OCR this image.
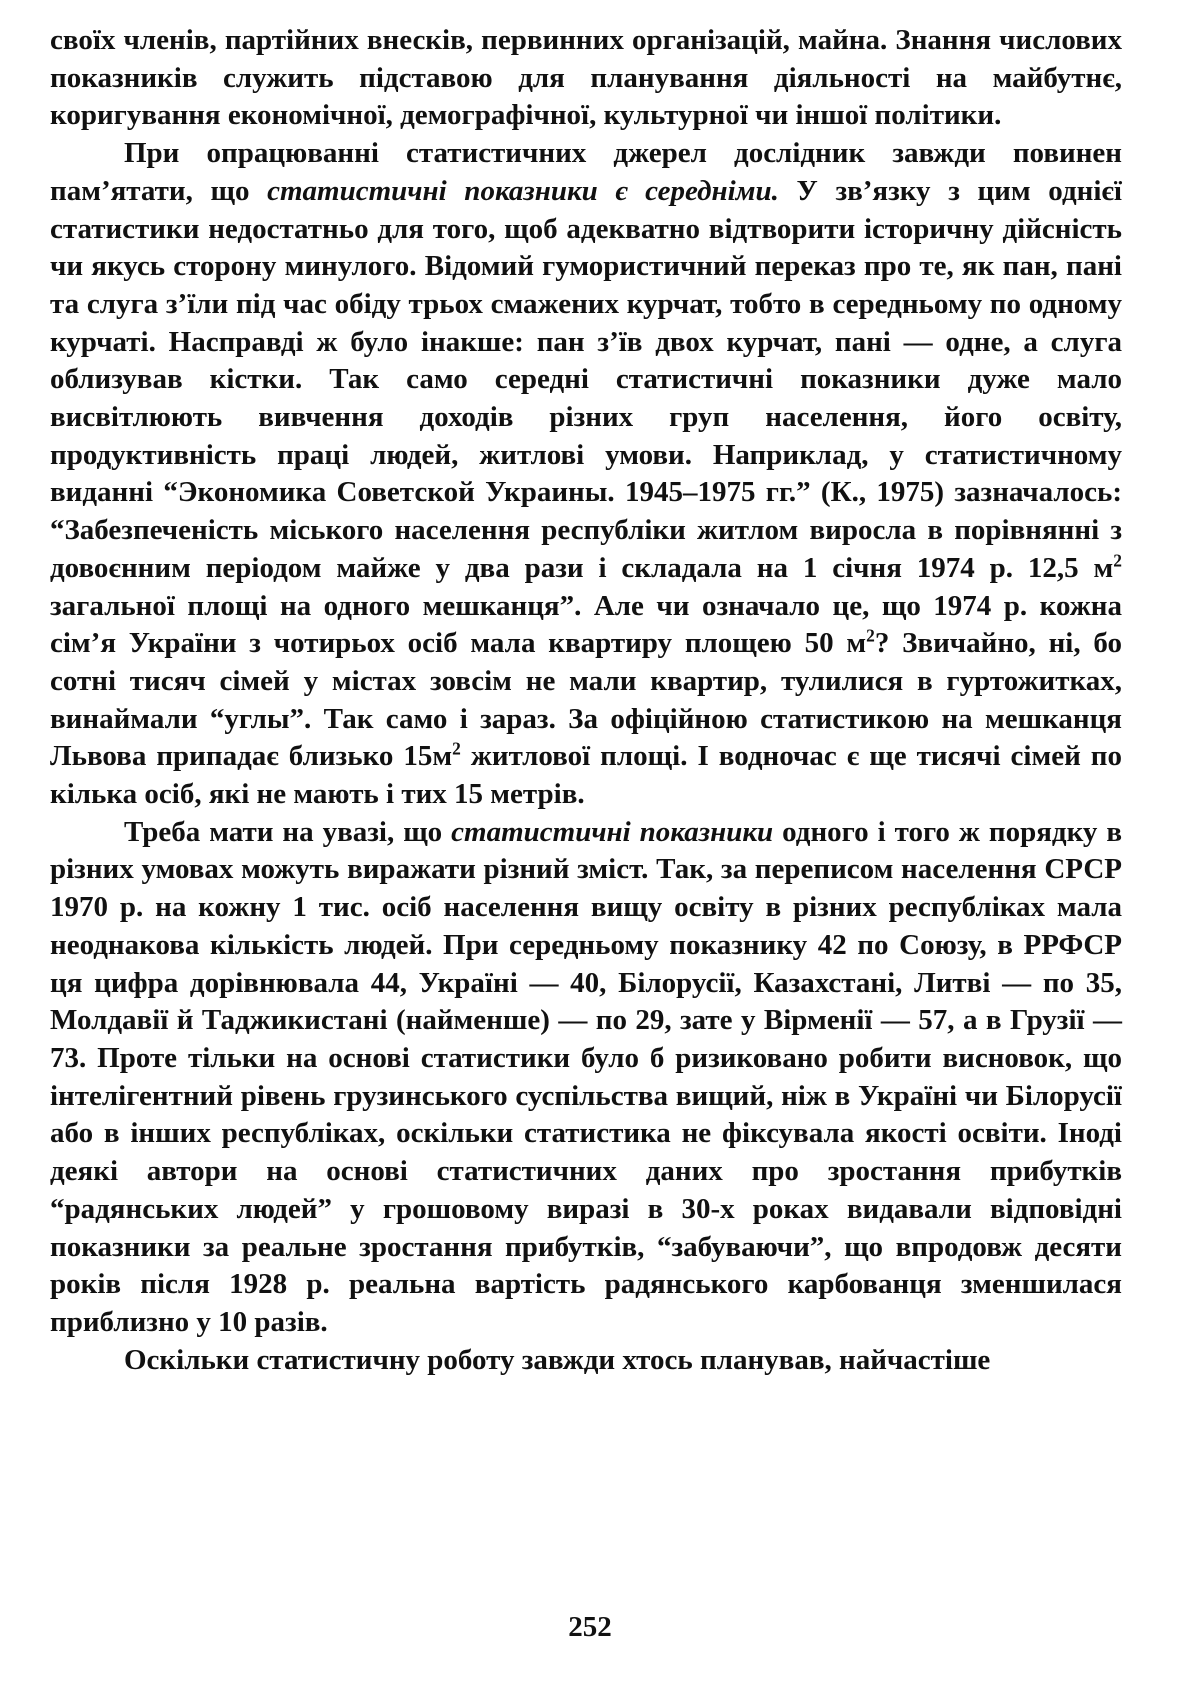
своїх членів, партійних внесків, первинних організацій, майна. Знання числових показників служить підставою для планування діяльності на майбутнє, коригування економічної, демографічної, культурної чи іншої політики.

При опрацюванні статистичних джерел дослідник завжди повинен пам’ятати, що статистичні показники є середніми. У зв’язку з цим однієї статистики недостатньо для того, щоб адекватно відтворити історичну дійсність чи якусь сторону минулого. Відомий гумористичний переказ про те, як пан, пані та слуга з’їли під час обіду трьох смажених курчат, тобто в середньому по одному курчаті. Насправді ж було інакше: пан з’їв двох курчат, пані — одне, а слуга облизував кістки. Так само середні статистичні показники дуже мало висвітлюють вивчення доходів різних груп населення, його освіту, продуктивність праці людей, житлові умови. Наприклад, у статистичному виданні “Экономика Советской Украины. 1945–1975 гг.” (К., 1975) зазначалось: “Забезпеченість міського населення республіки житлом виросла в порівнянні з довоєнним періодом майже у два рази і складала на 1 січня 1974 р. 12,5 $м^2$ загальної площі на одного мешканця”. Але чи означало це, що 1974 р. кожна сім’я України з чотирьох осіб мала квартиру площею 50 $м^2$? Звичайно, ні, бо сотні тисяч сімей у містах зовсім не мали квартир, тулилися в гуртожитках, винаймали “углы”. Так само і зараз. За офіційною статистикою на мешканця Львова припадає близько $15м^2$ житлової площі. І водночас є ще тисячі сімей по кілька осіб, які не мають і тих 15 метрів.

Треба мати на увазі, що статистичні показники одного і того ж порядку в різних умовах можуть виражати різний зміст. Так, за переписом населення СРСР 1970 р. на кожну 1 тис. осіб населення вищу освіту в різних республіках мала неоднакова кількість людей. При середньому показнику 42 по Союзу, в РРФСР ця цифра дорівнювала 44, Україні — 40, Білорусії, Казахстані, Литві — по 35, Молдавії й Таджикистані (найменше) — по 29, зате у Вірменії — 57, а в Грузії — 73. Проте тільки на основі статистики було б ризиковано робити висновок, що інтелігентний рівень грузинського суспільства вищий, ніж в Україні чи Білорусії або в інших республіках, оскільки статистика не фіксувала якості освіти. Іноді деякі автори на основі статистичних даних про зростання прибутків “радянських людей” у грошовому виразі в 30-х роках видавали відповідні показники за реальне зростання прибутків, “забуваючи”, що впродовж десяти років після 1928 р. реальна вартість радянського карбованця зменшилася приблизно у 10 разів.

Оскільки статистичну роботу завжди хтось планував, найчастіше

252
